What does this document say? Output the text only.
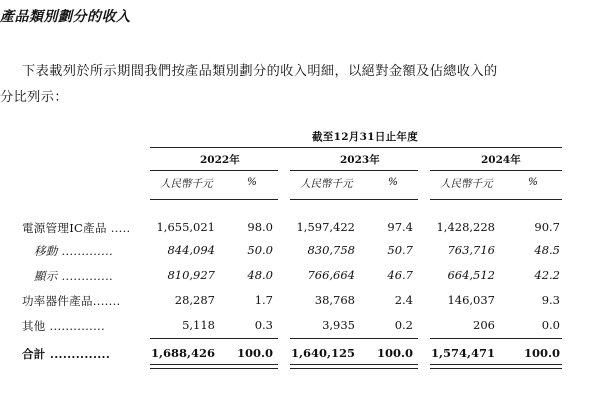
產品類別劃分的收入
下表載列於所示期間我們按產品類別劃分的收入明細，以絕對金額及佔總收入的
分比列示：
截至12月31日止年度
2022年	2023年	2024年
人民幣千元	%	人民幣千元	%	人民幣千元	%
電源管理IC產品 .....	1,655,021	98.0	1,597,422	97.4	1,428,228	90.7
移動 .............	844,094	50.0	830,758	50.7	763,716	48.5
顯示 .............	810,927	48.0	766,664	46.7	664,512	42.2
功率器件產品.......	28,287	1.7	38,768	2.4	146,037	9.3
其他 ..............	5,118	0.3	3,935	0.2	206	0.0
合計 ..............	1,688,426	100.0 1,640,125	100.0 1,574,471	100.0
